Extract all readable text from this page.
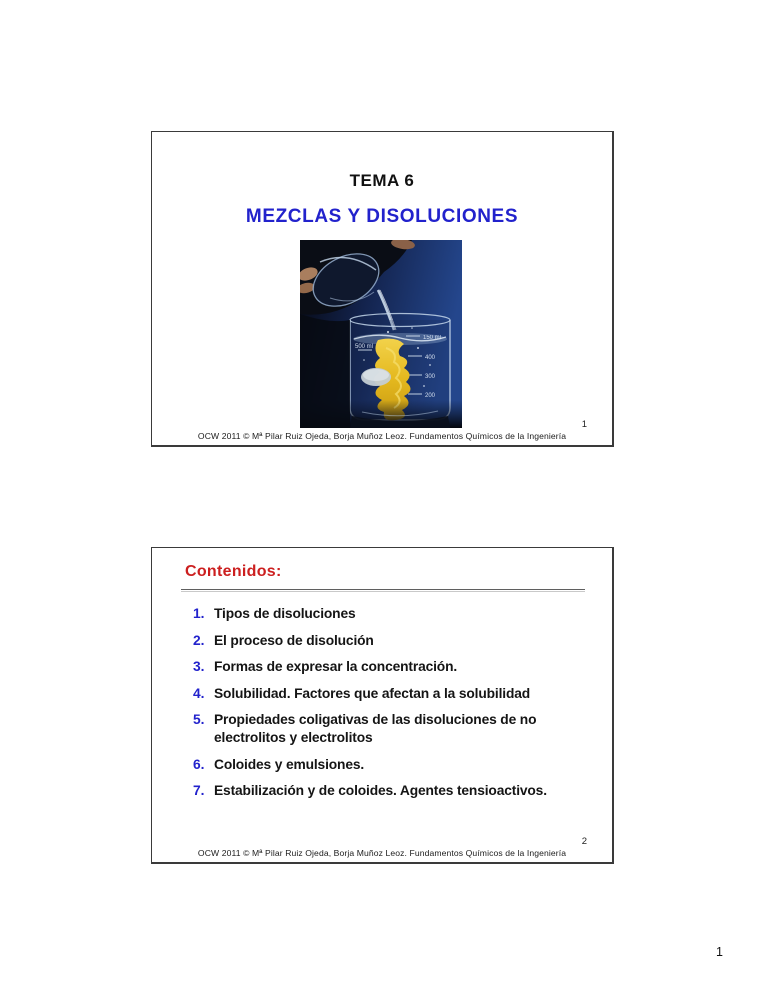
TEMA 6
MEZCLAS Y DISOLUCIONES
150 ml
400
300
200
500 ml
1
OCW 2011 © Mª Pilar Ruiz Ojeda, Borja Muñoz Leoz. Fundamentos Químicos de la Ingeniería
Contenidos:
1. Tipos de disoluciones
2. El proceso de disolución
3. Formas de expresar la concentración.
4. Solubilidad. Factores que afectan a la solubilidad
5. Propiedades coligativas de las disoluciones de no electrolitos y electrolitos
6. Coloides y emulsiones.
7. Estabilización y de coloides. Agentes tensioactivos.
2
OCW 2011 © Mª Pilar Ruiz Ojeda, Borja Muñoz Leoz. Fundamentos Químicos de la Ingeniería
1
